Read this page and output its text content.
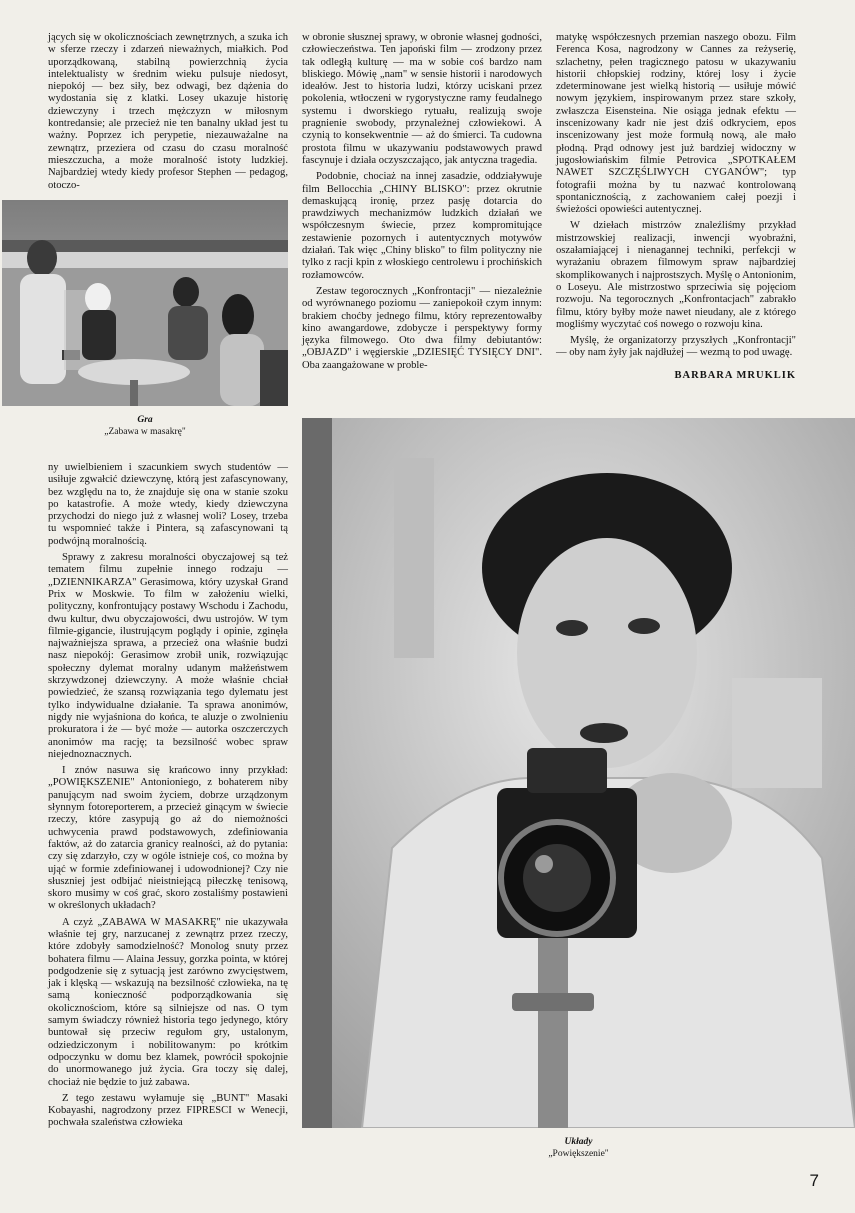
jących się w okolicznościach zewnętrznych, a szuka ich w sferze rzeczy i zdarzeń nieważnych, miałkich. Pod uporządkowaną, stabilną powierzchnią życia intelektualisty w średnim wieku pulsuje niedosyt, niepokój — bez siły, bez odwagi, bez dążenia do wydostania się z klatki. Losey ukazuje historię dziewczyny i trzech mężczyzn w miłosnym kontredansie; ale przecież nie ten banalny układ jest tu ważny. Poprzez ich perypetie, niezauważalne na zewnątrz, przeziera od czasu do czasu moralność mieszczucha, a może moralność istoty ludzkiej. Najbardziej wtedy kiedy profesor Stephen — pedagog, otoczo-

w obronie słusznej sprawy, w obronie własnej godności, człowieczeństwa. Ten japoński film — zrodzony przez tak odległą kulturę — ma w sobie coś bardzo nam bliskiego. Mówię „nam" w sensie historii i narodowych ideałów. Jest to historia ludzi, którzy uciskani przez pokolenia, wtłoczeni w rygorystyczne ramy feudalnego systemu i dworskiego rytuału, realizują swoje pragnienie swobody, przynależnej człowiekowi. A czynią to konsekwentnie — aż do śmierci. Ta cudowna prostota filmu w ukazywaniu podstawowych prawd fascynuje i działa oczyszczająco, jak antyczna tragedia.

Podobnie, chociaż na innej zasadzie, oddziaływuje film Bellocchia „CHINY BLISKO": przez okrutnie demaskującą ironię, przez pasję dotarcia do prawdziwych mechanizmów ludzkich działań we współczesnym świecie, przez kompromitujące zestawienie pozornych i autentycznych motywów działań. Tak więc „Chiny blisko" to film polityczny nie tylko z racji kpin z włoskiego centrolewu i prochińskich rozłamowców.

Zestaw tegorocznych „Konfrontacji" — niezależnie od wyrównanego poziomu — zaniepokoił czym innym: brakiem choćby jednego filmu, który reprezentowałby kino awangardowe, zdobycze i perspektywy formy języka filmowego. Oto dwa filmy debiutantów: „OBJAZD" i węgierskie „DZIESIĘĆ TYSIĘCY DNI". Oba zaangażowane w proble-

matykę współczesnych przemian naszego obozu. Film Ferenca Kosa, nagrodzony w Cannes za reżyserię, szlachetny, pełen tragicznego patosu w ukazywaniu historii chłopskiej rodziny, której losy i życie zdeterminowane jest wielką historią — usiłuje mówić nowym językiem, inspirowanym przez stare szkoły, zwłaszcza Eisensteina. Nie osiąga jednak efektu — inscenizowany kadr nie jest dziś odkryciem, epos inscenizowany jest może formułą nową, ale mało płodną. Prąd odnowy jest już bardziej widoczny w jugosłowiańskim filmie Petrovica „SPOTKAŁEM NAWET SZCZĘŚLIWYCH CYGANÓW"; typ fotografii można by tu nazwać kontrolowaną spontanicznością, z zachowaniem całej poezji i świeżości opowieści autentycznej.

W dziełach mistrzów znaleźliśmy przykład mistrzowskiej realizacji, inwencji wyobraźni, oszałamiającej i nienagannej techniki, perfekcji w wyrażaniu obrazem filmowym spraw najbardziej skomplikowanych i najprostszych. Myślę o Antonionim, o Loseyu. Ale mistrzostwo sprzeciwia się pojęciom rozwoju. Na tegorocznych „Konfrontacjach" zabrakło filmu, który byłby może nawet nieudany, ale z którego mogliśmy wyczytać coś nowego o rozwoju kina.

Myślę, że organizatorzy przyszłych „Konfrontacji" — oby nam żyły jak najdłużej — wezmą to pod uwagę.

BARBARA MRUKLIK

Gra
„Zabawa w masakrę"

ny uwielbieniem i szacunkiem swych studentów — usiłuje zgwałcić dziewczynę, którą jest zafascynowany, bez względu na to, że znajduje się ona w stanie szoku po katastrofie. A może wtedy, kiedy dziewczyna przychodzi do niego już z własnej woli? Losey, trzeba tu wspomnieć także i Pintera, są zafascynowani tą podwójną moralnością.

Sprawy z zakresu moralności obyczajowej są też tematem filmu zupełnie innego rodzaju — „DZIENNIKARZA" Gerasimowa, który uzyskał Grand Prix w Moskwie. To film w założeniu wielki, polityczny, konfrontujący postawy Wschodu i Zachodu, dwu kultur, dwu obyczajowości, dwu ustrojów. W tym filmie-gigancie, ilustrującym poglądy i opinie, zginęła najważniejsza sprawa, a przecież ona właśnie budzi nasz niepokój: Gerasimow zrobił unik, rozwiązując społeczny dylemat moralny udanym małżeństwem skrzywdzonej dziewczyny. A może właśnie chciał powiedzieć, że szansą rozwiązania tego dylematu jest tylko indywidualne działanie. Ta sprawa anonimów, nigdy nie wyjaśniona do końca, te aluzje o zwolnieniu prokuratora i że — być może — autorka oszczerczych anonimów ma rację; ta bezsilność wobec spraw niejednoznacznych.

I znów nasuwa się krańcowo inny przykład: „POWIĘKSZENIE" Antonioniego, z bohaterem niby panującym nad swoim życiem, dobrze urządzonym słynnym fotoreporterem, a przecież ginącym w świecie rzeczy, które zasypują go aż do niemożności uchwycenia prawd podstawowych, zdefiniowania faktów, aż do zatarcia granicy realności, aż do pytania: czy się zdarzyło, czy w ogóle istnieje coś, co można by ująć w formie zdefiniowanej i udowodnionej? Czy nie słuszniej jest odbijać nieistniejącą piłeczkę tenisową, skoro musimy w coś grać, skoro zostaliśmy postawieni w określonych układach?

A czyż „ZABAWA W MASAKRĘ" nie ukazywała właśnie tej gry, narzucanej z zewnątrz przez rzeczy, które zdobyły samodzielność? Monolog snuty przez bohatera filmu — Alaina Jessuy, gorzka pointa, w której podgodzenie się z sytuacją jest zarówno zwycięstwem, jak i klęską — wskazują na bezsilność człowieka, na tę samą konieczność podporządkowania się okolicznościom, które są silniejsze od nas. O tym samym świadczy również historia tego jedynego, który buntował się przeciw regułom gry, ustalonym, odziedziczonym i nobilitowanym: po krótkim odpoczynku w domu bez klamek, powrócił spokojnie do unormowanego już życia. Gra toczy się dalej, chociaż nie będzie to już zabawa.

Z tego zestawu wyłamuje się „BUNT" Masaki Kobayashi, nagrodzony przez FIPRESCI w Wenecji, pochwała szaleństwa człowieka

Układy
„Powiększenie"
7
